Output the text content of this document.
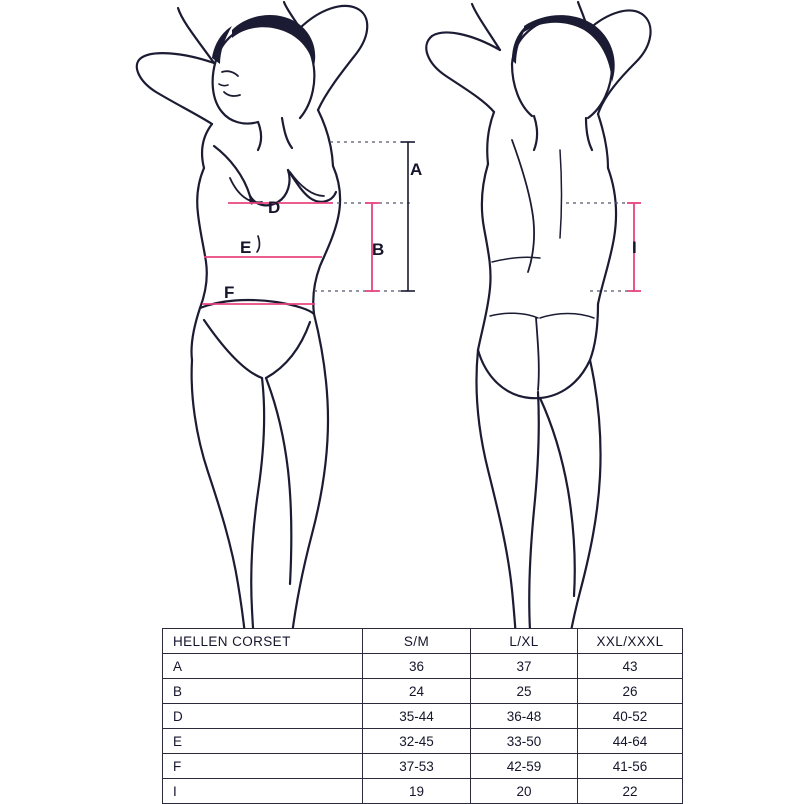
A
B
D
E
F
I
HELLEN CORSET	S/M	L/XL	XXL/XXXL
A	36	37	43
B	24	25	26
D	35-44	36-48	40-52
E	32-45	33-50	44-64
F	37-53	42-59	41-56
I	19	20	22
